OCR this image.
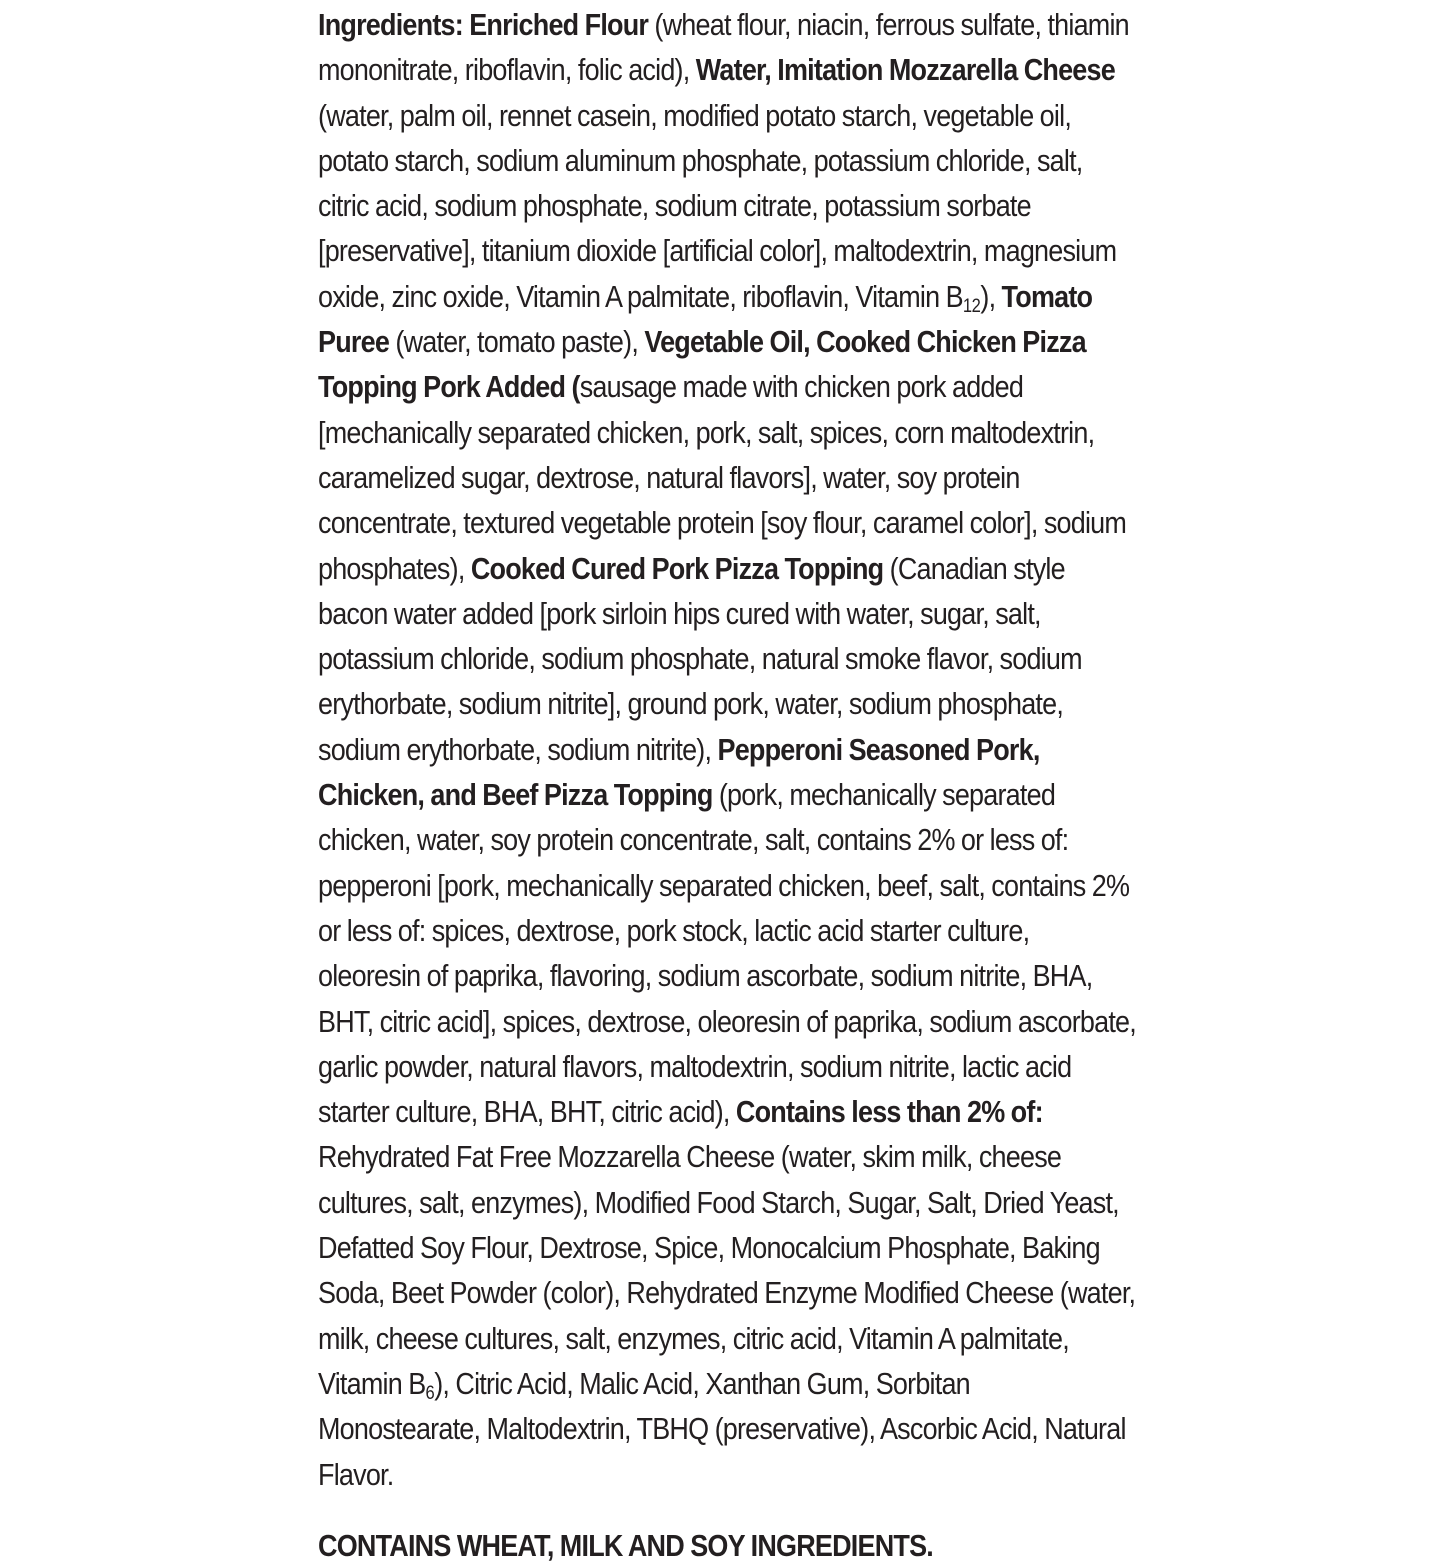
Ingredients: Enriched Flour (wheat flour, niacin, ferrous sulfate, thiamin mononitrate, riboflavin, folic acid), Water, Imitation Mozzarella Cheese (water, palm oil, rennet casein, modified potato starch, vegetable oil, potato starch, sodium aluminum phosphate, potassium chloride, salt, citric acid, sodium phosphate, sodium citrate, potassium sorbate [preservative], titanium dioxide [artificial color], maltodextrin, magnesium oxide, zinc oxide, Vitamin A palmitate, riboflavin, Vitamin B12), Tomato Puree (water, tomato paste), Vegetable Oil, Cooked Chicken Pizza Topping Pork Added (sausage made with chicken pork added [mechanically separated chicken, pork, salt, spices, corn maltodextrin, caramelized sugar, dextrose, natural flavors], water, soy protein concentrate, textured vegetable protein [soy flour, caramel color], sodium phosphates), Cooked Cured Pork Pizza Topping (Canadian style bacon water added [pork sirloin hips cured with water, sugar, salt, potassium chloride, sodium phosphate, natural smoke flavor, sodium erythorbate, sodium nitrite], ground pork, water, sodium phosphate, sodium erythorbate, sodium nitrite), Pepperoni Seasoned Pork, Chicken, and Beef Pizza Topping (pork, mechanically separated chicken, water, soy protein concentrate, salt, contains 2% or less of: pepperoni [pork, mechanically separated chicken, beef, salt, contains 2% or less of: spices, dextrose, pork stock, lactic acid starter culture, oleoresin of paprika, flavoring, sodium ascorbate, sodium nitrite, BHA, BHT, citric acid], spices, dextrose, oleoresin of paprika, sodium ascorbate, garlic powder, natural flavors, maltodextrin, sodium nitrite, lactic acid starter culture, BHA, BHT, citric acid), Contains less than 2% of: Rehydrated Fat Free Mozzarella Cheese (water, skim milk, cheese cultures, salt, enzymes), Modified Food Starch, Sugar, Salt, Dried Yeast, Defatted Soy Flour, Dextrose, Spice, Monocalcium Phosphate, Baking Soda, Beet Powder (color), Rehydrated Enzyme Modified Cheese (water, milk, cheese cultures, salt, enzymes, citric acid, Vitamin A palmitate, Vitamin B6), Citric Acid, Malic Acid, Xanthan Gum, Sorbitan Monostearate, Maltodextrin, TBHQ (preservative), Ascorbic Acid, Natural Flavor.

CONTAINS WHEAT, MILK AND SOY INGREDIENTS.
